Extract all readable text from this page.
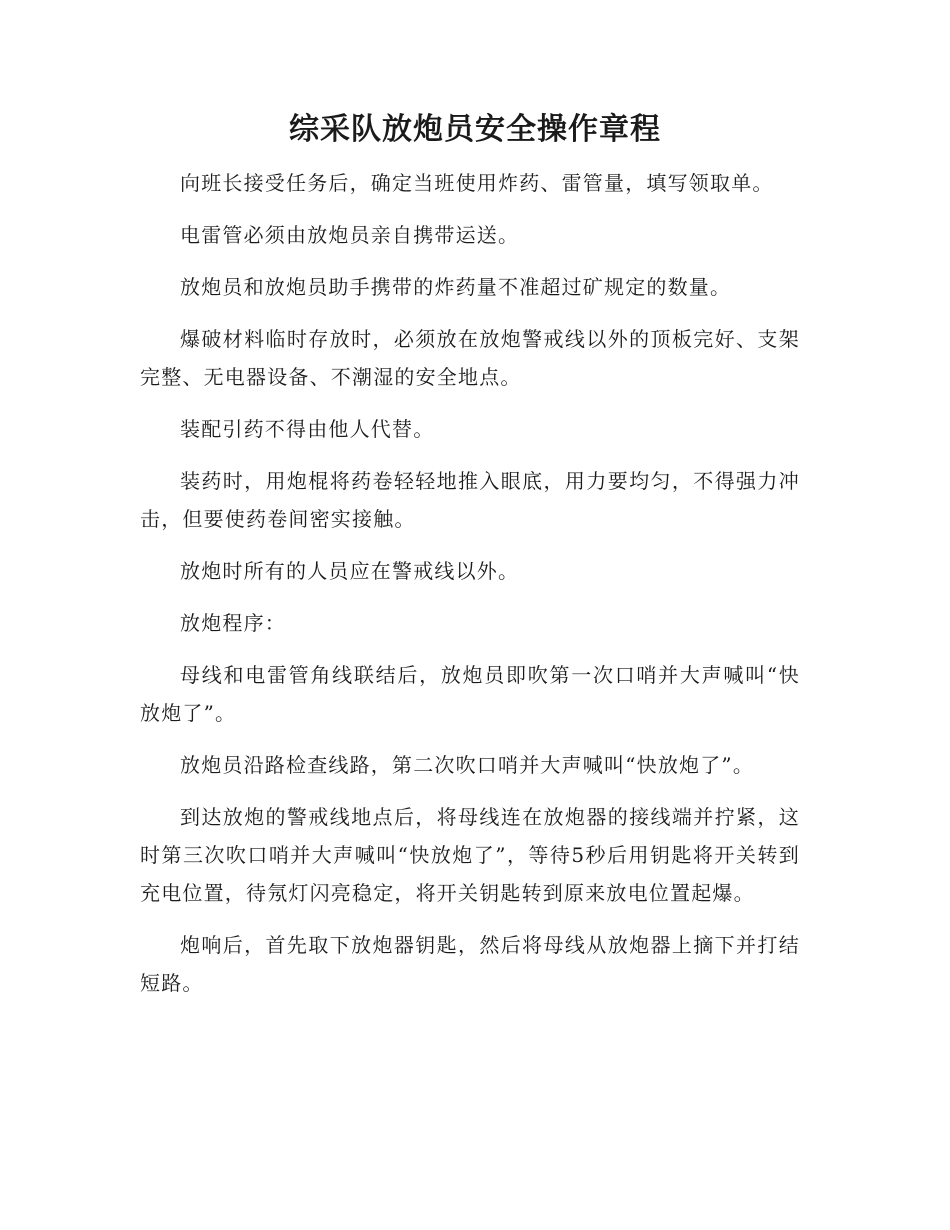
综采队放炮员安全操作章程

向班长接受任务后，确定当班使用炸药、雷管量，填写领取单。

电雷管必须由放炮员亲自携带运送。

放炮员和放炮员助手携带的炸药量不准超过矿规定的数量。

爆破材料临时存放时，必须放在放炮警戒线以外的顶板完好、支架完整、无电器设备、不潮湿的安全地点。

装配引药不得由他人代替。

装药时，用炮棍将药卷轻轻地推入眼底，用力要均匀，不得强力冲击，但要使药卷间密实接触。

放炮时所有的人员应在警戒线以外。

放炮程序：

母线和电雷管角线联结后，放炮员即吹第一次口哨并大声喊叫“快放炮了”。

放炮员沿路检查线路，第二次吹口哨并大声喊叫“快放炮了”。

到达放炮的警戒线地点后，将母线连在放炮器的接线端并拧紧，这时第三次吹口哨并大声喊叫“快放炮了”，等待5秒后用钥匙将开关转到充电位置，待氖灯闪亮稳定，将开关钥匙转到原来放电位置起爆。

炮响后，首先取下放炮器钥匙，然后将母线从放炮器上摘下并打结短路。
